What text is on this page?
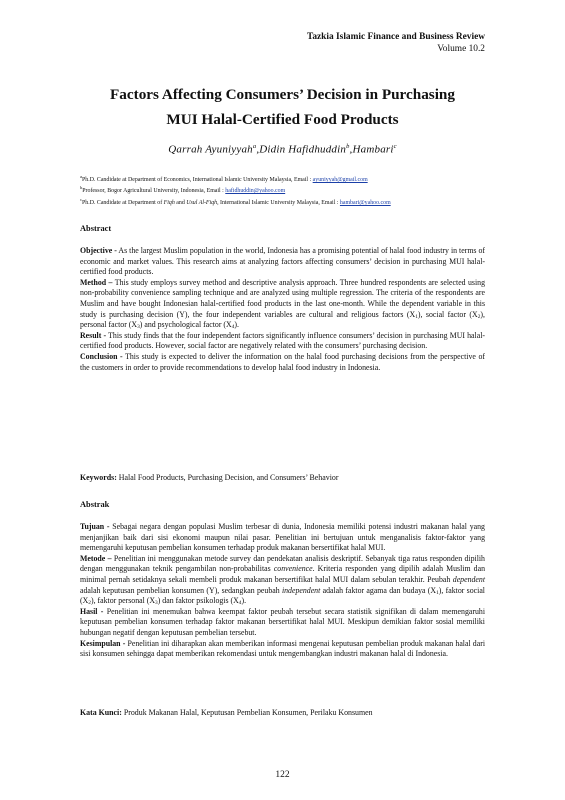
Tazkia Islamic Finance and Business Review
Volume 10.2
Factors Affecting Consumers’ Decision in Purchasing
MUI Halal-Certified Food Products
Qarrah Ayuniyyah$^a$,Didin Hafidhuddin$^b$,Hambari$^c$
$^a$Ph.D. Candidate at Department of Economics, International Islamic University Malaysia, Email : ayuniyyah@gmail.com
$^b$Professor, Bogor Agricultural University, Indonesia, Email : hafidhuddin@yahoo.com
$^c$Ph.D. Candidate at Department of Fiqh and Usul Al-Fiqh, International Islamic University Malaysia, Email : hambari@yahoo.com
Abstract
Objective - As the largest Muslim population in the world, Indonesia has a promising potential of halal food industry in terms of economic and market values. This research aims at analyzing factors affecting consumers’ decision in purchasing MUI halal-certified food products.
Method – This study employs survey method and descriptive analysis approach. Three hundred respondents are selected using non-probability convenience sampling technique and are analyzed using multiple regression. The criteria of the respondents are Muslim and have bought Indonesian halal-certified food products in the last one-month. While the dependent variable in this study is purchasing decision (Y), the four independent variables are cultural and religious factors $(X_1)$, social factor $(X_2)$, personal factor $(X_3)$ and psychological factor $(X_4)$.
Result - This study finds that the four independent factors significantly influence consumers’ decision in purchasing MUI halal-certified food products. However, social factor are negatively related with the consumers’ purchasing decision.
Conclusion - This study is expected to deliver the information on the halal food purchasing decisions from the perspective of the customers in order to provide recommendations to develop halal food industry in Indonesia.
Keywords: Halal Food Products, Purchasing Decision, and Consumers’ Behavior
Abstrak
Tujuan - Sebagai negara dengan populasi Muslim terbesar di dunia, Indonesia memiliki potensi industri makanan halal yang menjanjikan baik dari sisi ekonomi maupun nilai pasar. Penelitian ini bertujuan untuk menganalisis faktor-faktor yang memengaruhi keputusan pembelian konsumen terhadap produk makanan bersertifikat halal MUI.
Metode – Penelitian ini menggunakan metode survey dan pendekatan analisis deskriptif. Sebanyak tiga ratus responden dipilih dengan menggunakan teknik pengambilan non-probabilitas convenience. Kriteria responden yang dipilih adalah Muslim dan minimal pernah setidaknya sekali membeli produk makanan bersertifikat halal MUI dalam sebulan terakhir. Peubah dependent adalah keputusan pembelian konsumen (Y), sedangkan peubah independent adalah faktor agama dan budaya $(X_1)$, faktor social $(X_2)$, faktor personal $(X_3)$ dan faktor psikologis $(X_4)$.
Hasil - Penelitian ini menemukan bahwa keempat faktor peubah tersebut secara statistik signifikan di dalam memengaruhi keputusan pembelian konsumen terhadap faktor makanan bersertifikat halal MUI. Meskipun demikian faktor sosial memiliki hubungan negatif dengan keputusan pembelian tersebut.
Kesimpulan - Penelitian ini diharapkan akan memberikan informasi mengenai keputusan pembelian produk makanan halal dari sisi konsumen sehingga dapat memberikan rekomendasi untuk mengembangkan industri makanan halal di Indonesia.
Kata Kunci: Produk Makanan Halal, Keputusan Pembelian Konsumen, Perilaku Konsumen
122
